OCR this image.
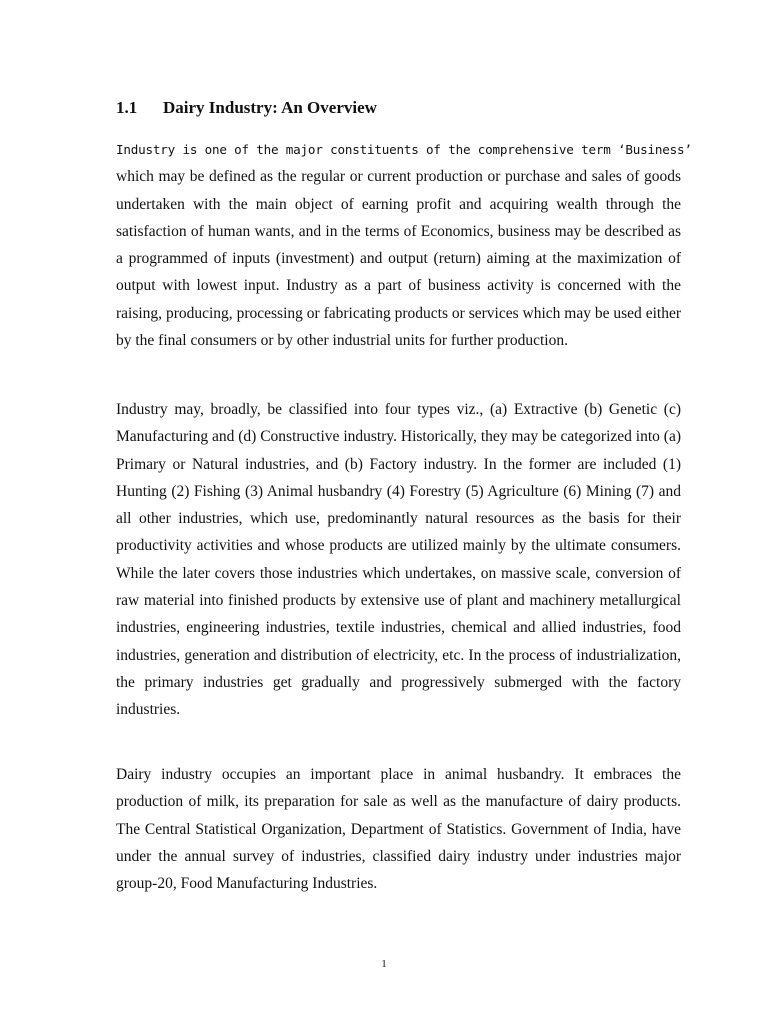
1.1 Dairy Industry: An Overview

Industry is one of the major constituents of the comprehensive term ‘Business’
which may be defined as the regular or current production or purchase and sales of goods undertaken with the main object of earning profit and acquiring wealth through the satisfaction of human wants, and in the terms of Economics, business may be described as a programmed of inputs (investment) and output (return) aiming at the maximization of output with lowest input. Industry as a part of business activity is concerned with the raising, producing, processing or fabricating products or services which may be used either by the final consumers or by other industrial units for further production.

Industry may, broadly, be classified into four types viz., (a) Extractive (b) Genetic (c) Manufacturing and (d) Constructive industry. Historically, they may be categorized into (a) Primary or Natural industries, and (b) Factory industry. In the former are included (1) Hunting (2) Fishing (3) Animal husbandry (4) Forestry (5) Agriculture (6) Mining (7) and all other industries, which use, predominantly natural resources as the basis for their productivity activities and whose products are utilized mainly by the ultimate consumers. While the later covers those industries which undertakes, on massive scale, conversion of raw material into finished products by extensive use of plant and machinery metallurgical industries, engineering industries, textile industries, chemical and allied industries, food industries, generation and distribution of electricity, etc. In the process of industrialization, the primary industries get gradually and progressively submerged with the factory industries.

Dairy industry occupies an important place in animal husbandry. It embraces the production of milk, its preparation for sale as well as the manufacture of dairy products. The Central Statistical Organization, Department of Statistics. Government of India, have under the annual survey of industries, classified dairy industry under industries major group-20, Food Manufacturing Industries.

1
